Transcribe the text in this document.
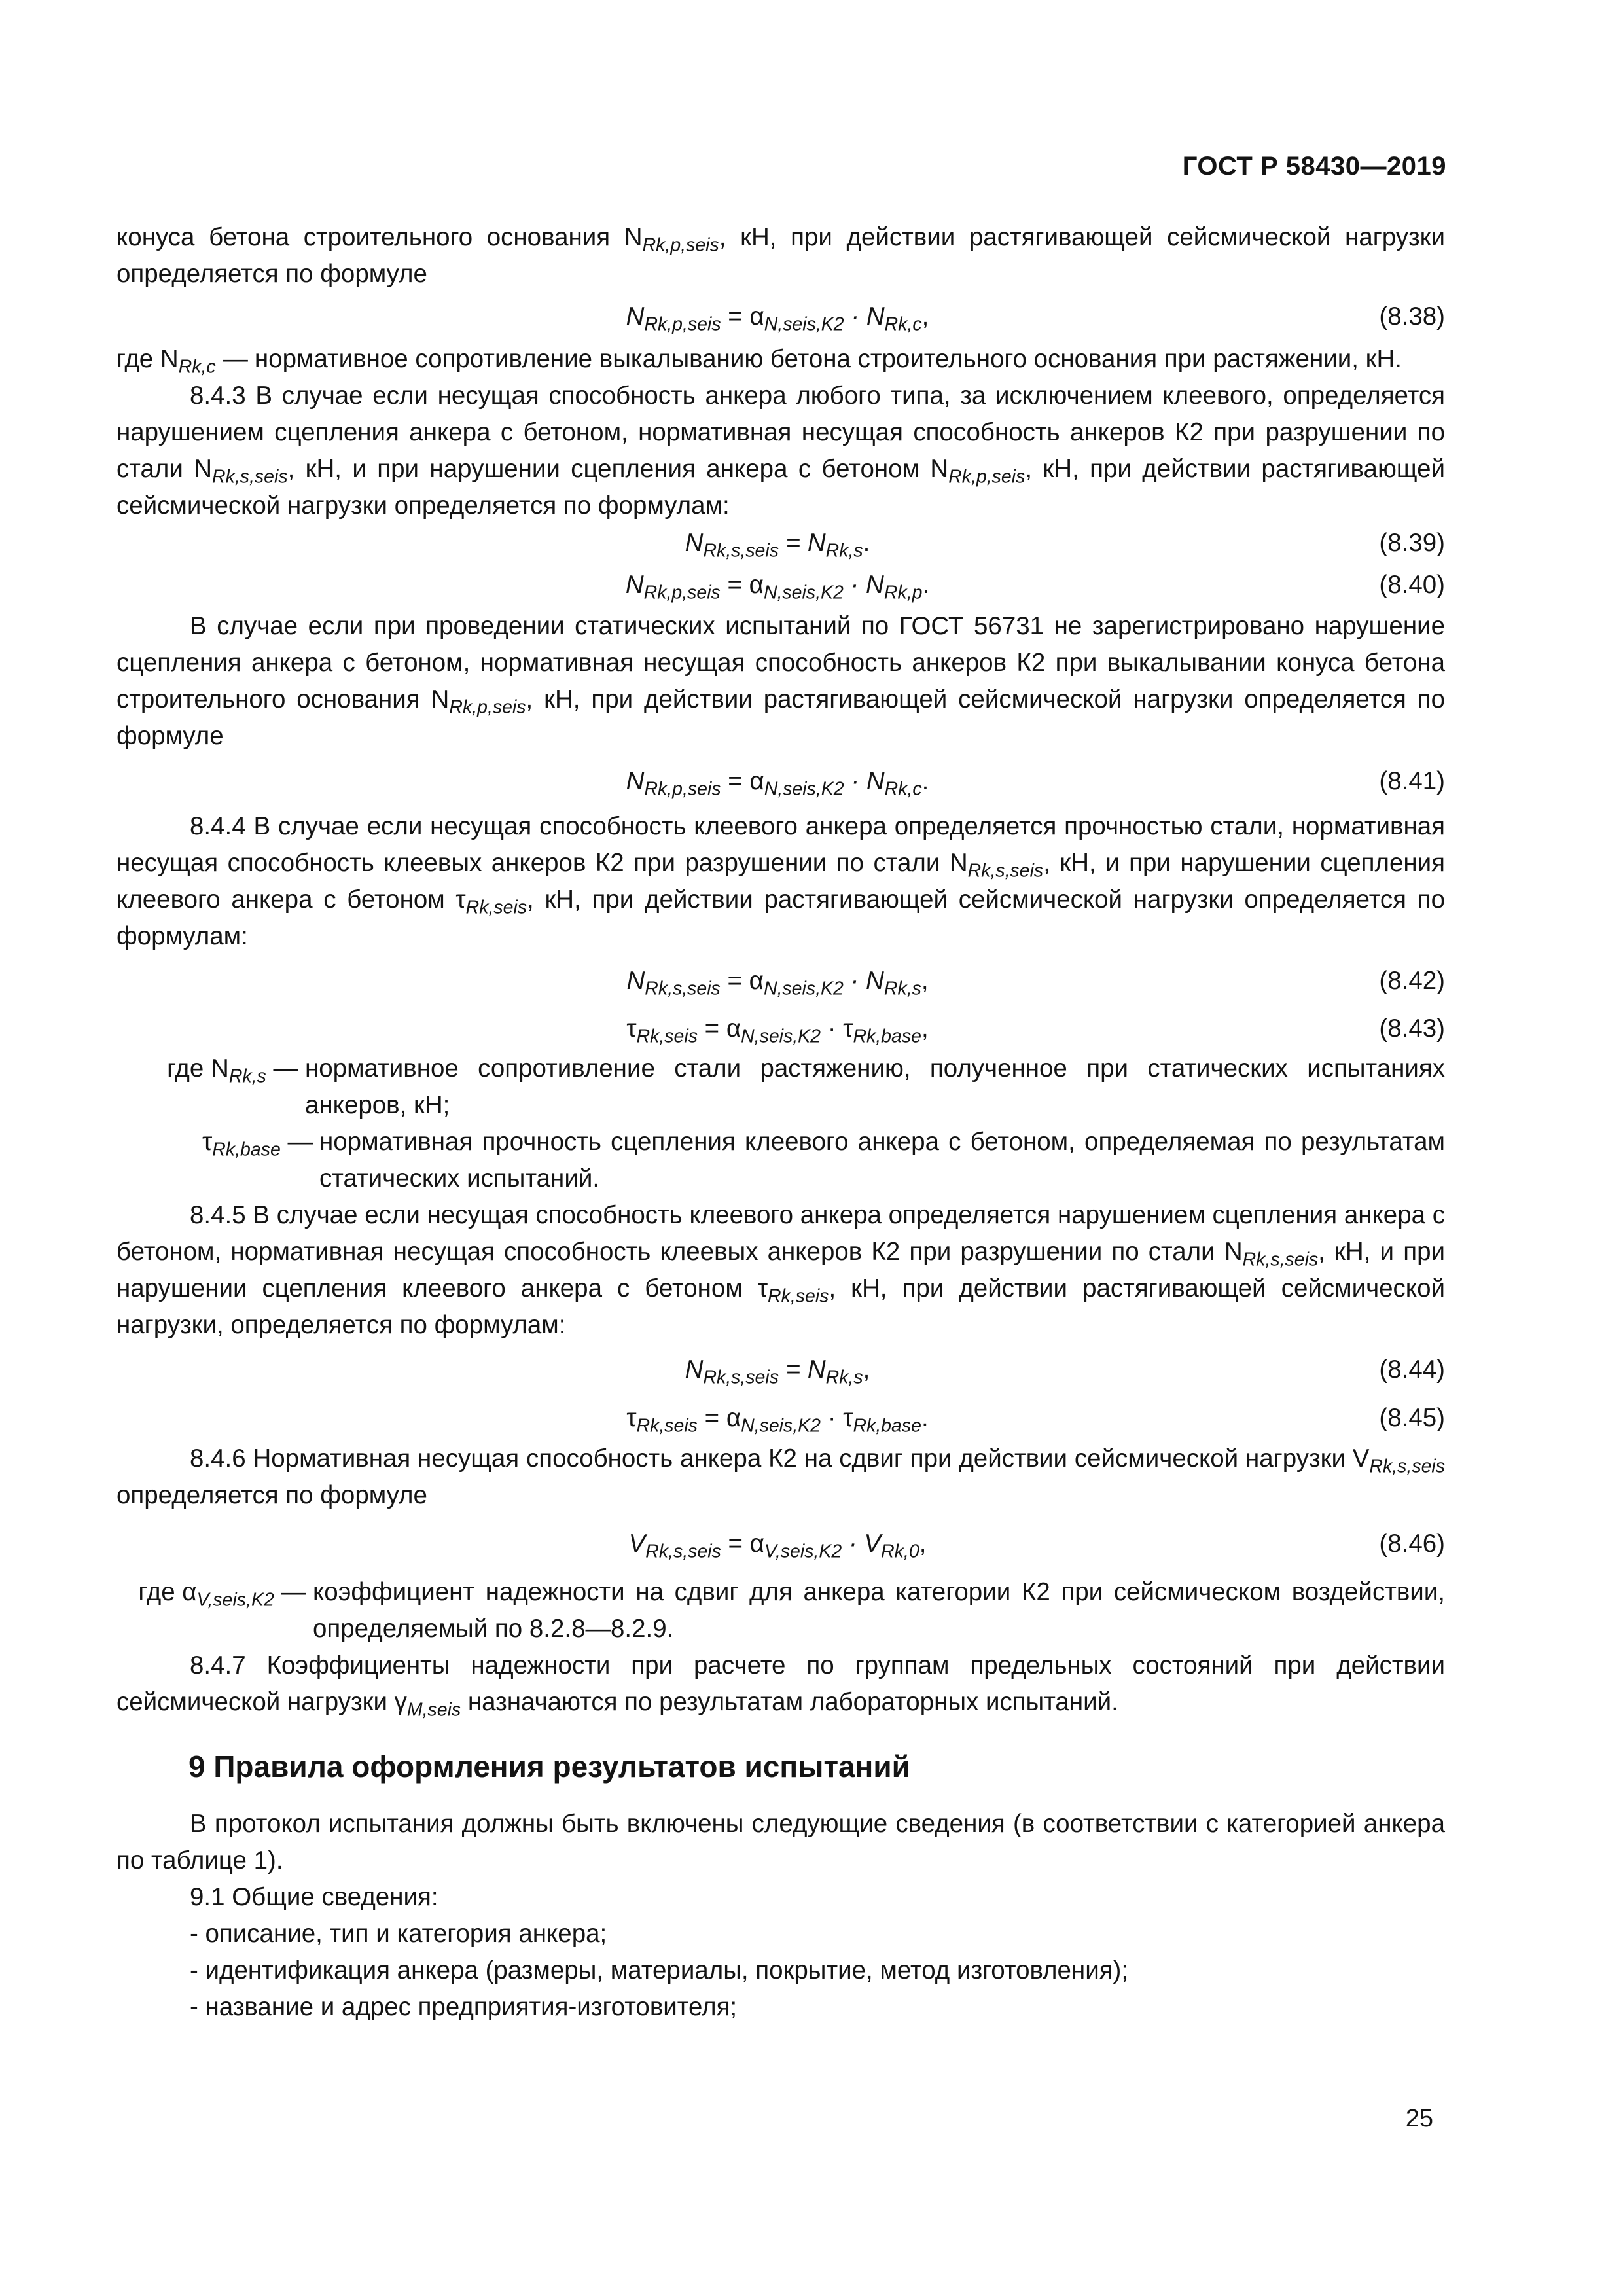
ГОСТ Р 58430—2019

конуса бетона строительного основания $N_{Rk,p,seis}$, кН, при действии растягивающей сейсмической нагрузки определяется по формуле

$N_{Rk,p,seis} = \alpha_{N,seis,K2} \cdot N_{Rk,c}$,	(8.38)
где $N_{Rk,c}$ — нормативное сопротивление выкалыванию бетона строительного основания при растяжении, кН.

8.4.3 В случае если несущая способность анкера любого типа, за исключением клеевого, определяется нарушением сцепления анкера с бетоном, нормативная несущая способность анкеров К2 при разрушении по стали $N_{Rk,s,seis}$, кН, и при нарушении сцепления анкера с бетоном $N_{Rk,p,seis}$, кН, при действии растягивающей сейсмической нагрузки определяется по формулам:

$N_{Rk,s,seis} = N_{Rk,s}$.	(8.39)
$N_{Rk,p,seis} = \alpha_{N,seis,K2} \cdot N_{Rk,p}$.	(8.40)

В случае если при проведении статических испытаний по ГОСТ 56731 не зарегистрировано нарушение сцепления анкера с бетоном, нормативная несущая способность анкеров К2 при выкалывании конуса бетона строительного основания $N_{Rk,p,seis}$, кН, при действии растягивающей сейсмической нагрузки определяется по формуле

$N_{Rk,p,seis} = \alpha_{N,seis,K2} \cdot N_{Rk,c}$.	(8.41)

8.4.4 В случае если несущая способность клеевого анкера определяется прочностью стали, нормативная несущая способность клеевых анкеров К2 при разрушении по стали $N_{Rk,s,seis}$, кН, и при нарушении сцепления клеевого анкера с бетоном $\tau_{Rk,seis}$, кН, при действии растягивающей сейсмической нагрузки определяется по формулам:

$N_{Rk,s,seis} = \alpha_{N,seis,K2} \cdot N_{Rk,s}$,	(8.42)
$\tau_{Rk,seis} = \alpha_{N,seis,K2} \cdot \tau_{Rk,base}$,	(8.43)
где $N_{Rk,s}$ — нормативное сопротивление стали растяжению, полученное при статических испытаниях анкеров, кН;
$\tau_{Rk,base}$ — нормативная прочность сцепления клеевого анкера с бетоном, определяемая по результатам статических испытаний.

8.4.5 В случае если несущая способность клеевого анкера определяется нарушением сцепления анкера с бетоном, нормативная несущая способность клеевых анкеров К2 при разрушении по стали $N_{Rk,s,seis}$, кН, и при нарушении сцепления клеевого анкера с бетоном $\tau_{Rk,seis}$, кН, при действии растягивающей сейсмической нагрузки, определяется по формулам:

$N_{Rk,s,seis} = N_{Rk,s}$,	(8.44)
$\tau_{Rk,seis} = \alpha_{N,seis,K2} \cdot \tau_{Rk,base}$.	(8.45)

8.4.6 Нормативная несущая способность анкера К2 на сдвиг при действии сейсмической нагрузки $V_{Rk,s,seis}$ определяется по формуле

$V_{Rk,s,seis} = \alpha_{V,seis,K2} \cdot V_{Rk,0}$,	(8.46)
где $\alpha_{V,seis,K2}$ — коэффициент надежности на сдвиг для анкера категории К2 при сейсмическом воздействии, определяемый по 8.2.8—8.2.9.

8.4.7 Коэффициенты надежности при расчете по группам предельных состояний при действии сейсмической нагрузки $\gamma_{M,seis}$ назначаются по результатам лабораторных испытаний.

9 Правила оформления результатов испытаний

В протокол испытания должны быть включены следующие сведения (в соответствии с категорией анкера по таблице 1).

9.1 Общие сведения:

- описание, тип и категория анкера;

- идентификация анкера (размеры, материалы, покрытие, метод изготовления);

- название и адрес предприятия-изготовителя;

25
